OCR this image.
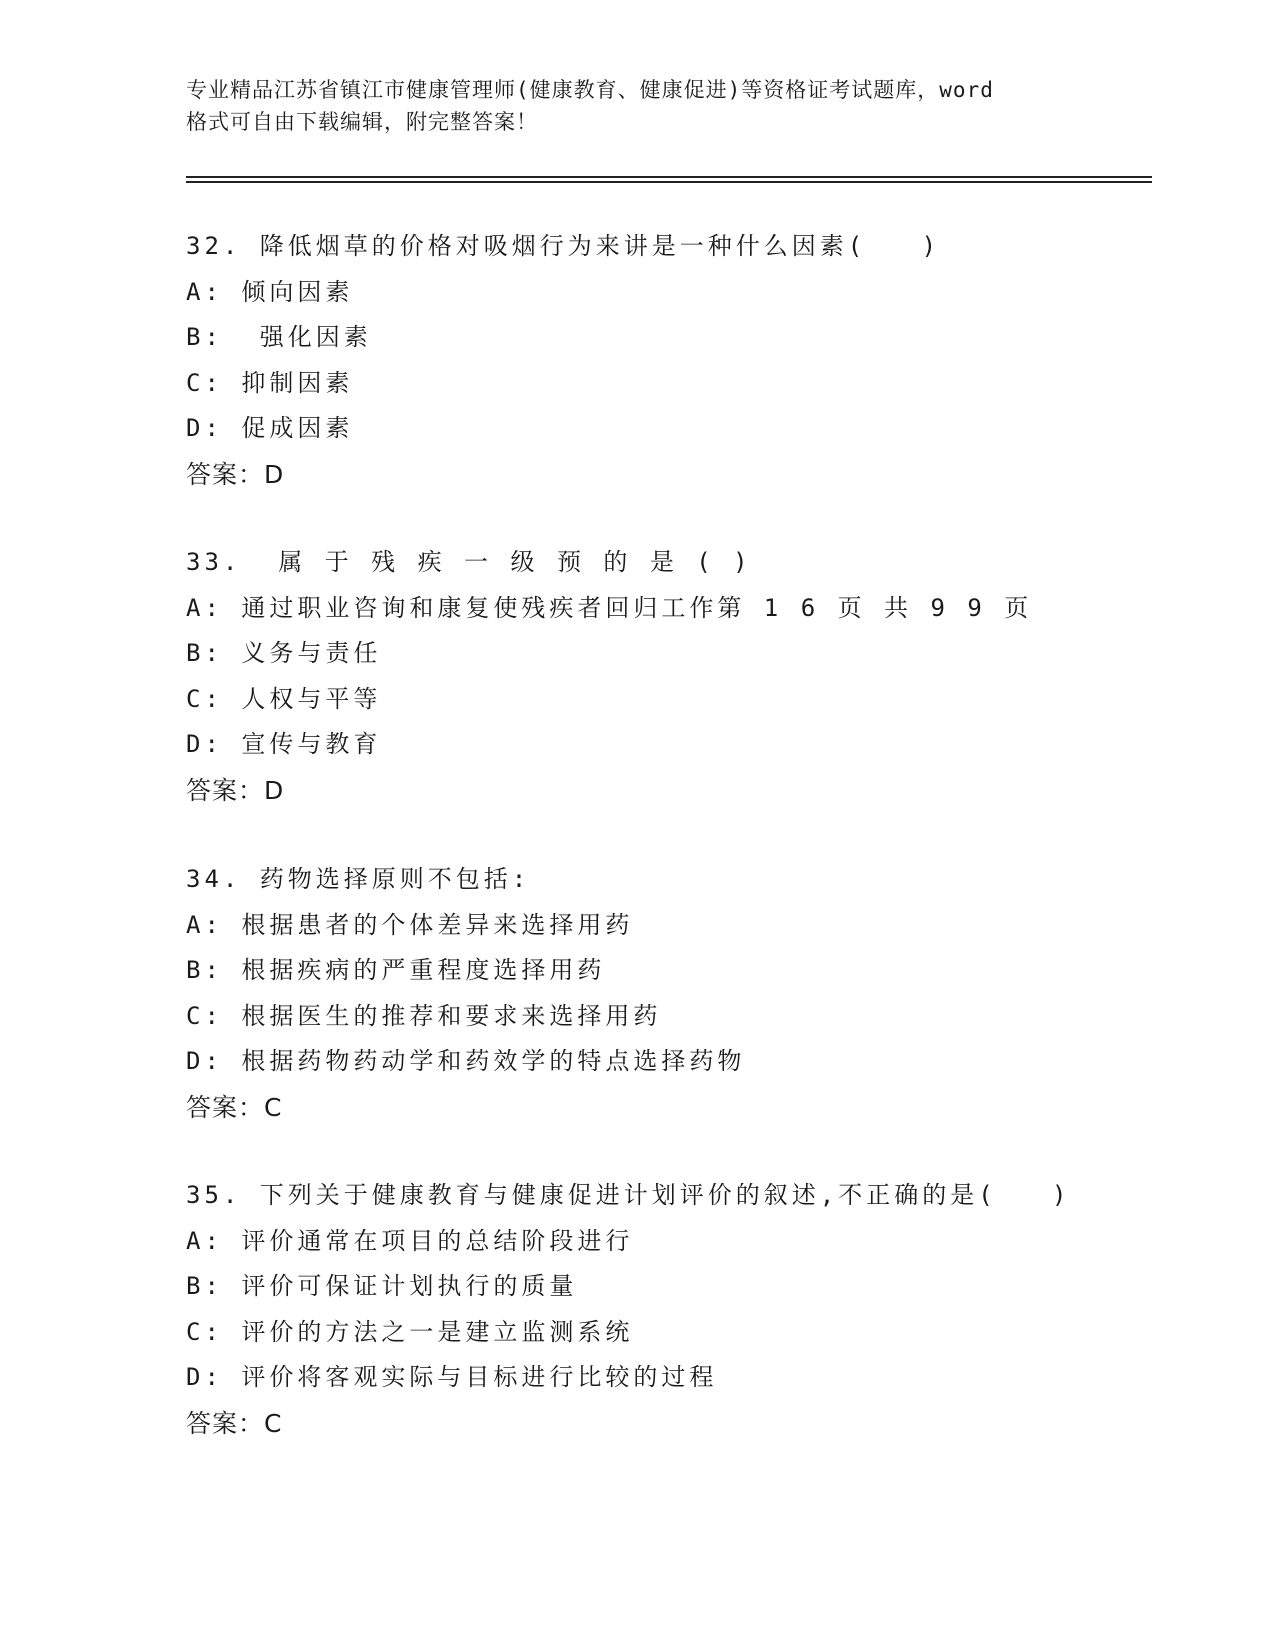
专业精品江苏省镇江市健康管理师(健康教育、健康促进)等资格证考试题库，word
格式可自由下载编辑，附完整答案！
32. 降低烟草的价格对吸烟行为来讲是一种什么因素(   )
A: 倾向因素
B:  强化因素
C: 抑制因素
D: 促成因素
答案：D
33.  属 于 残 疾 一 级 预 的 是 ( )
A: 通过职业咨询和康复使残疾者回归工作第 1 6 页 共 9 9 页
B: 义务与责任
C: 人权与平等
D: 宣传与教育
答案：D
34. 药物选择原则不包括:
A: 根据患者的个体差异来选择用药
B: 根据疾病的严重程度选择用药
C: 根据医生的推荐和要求来选择用药
D: 根据药物药动学和药效学的特点选择药物
答案：C
35. 下列关于健康教育与健康促进计划评价的叙述,不正确的是(   )
A: 评价通常在项目的总结阶段进行
B: 评价可保证计划执行的质量
C: 评价的方法之一是建立监测系统
D: 评价将客观实际与目标进行比较的过程
答案：C
